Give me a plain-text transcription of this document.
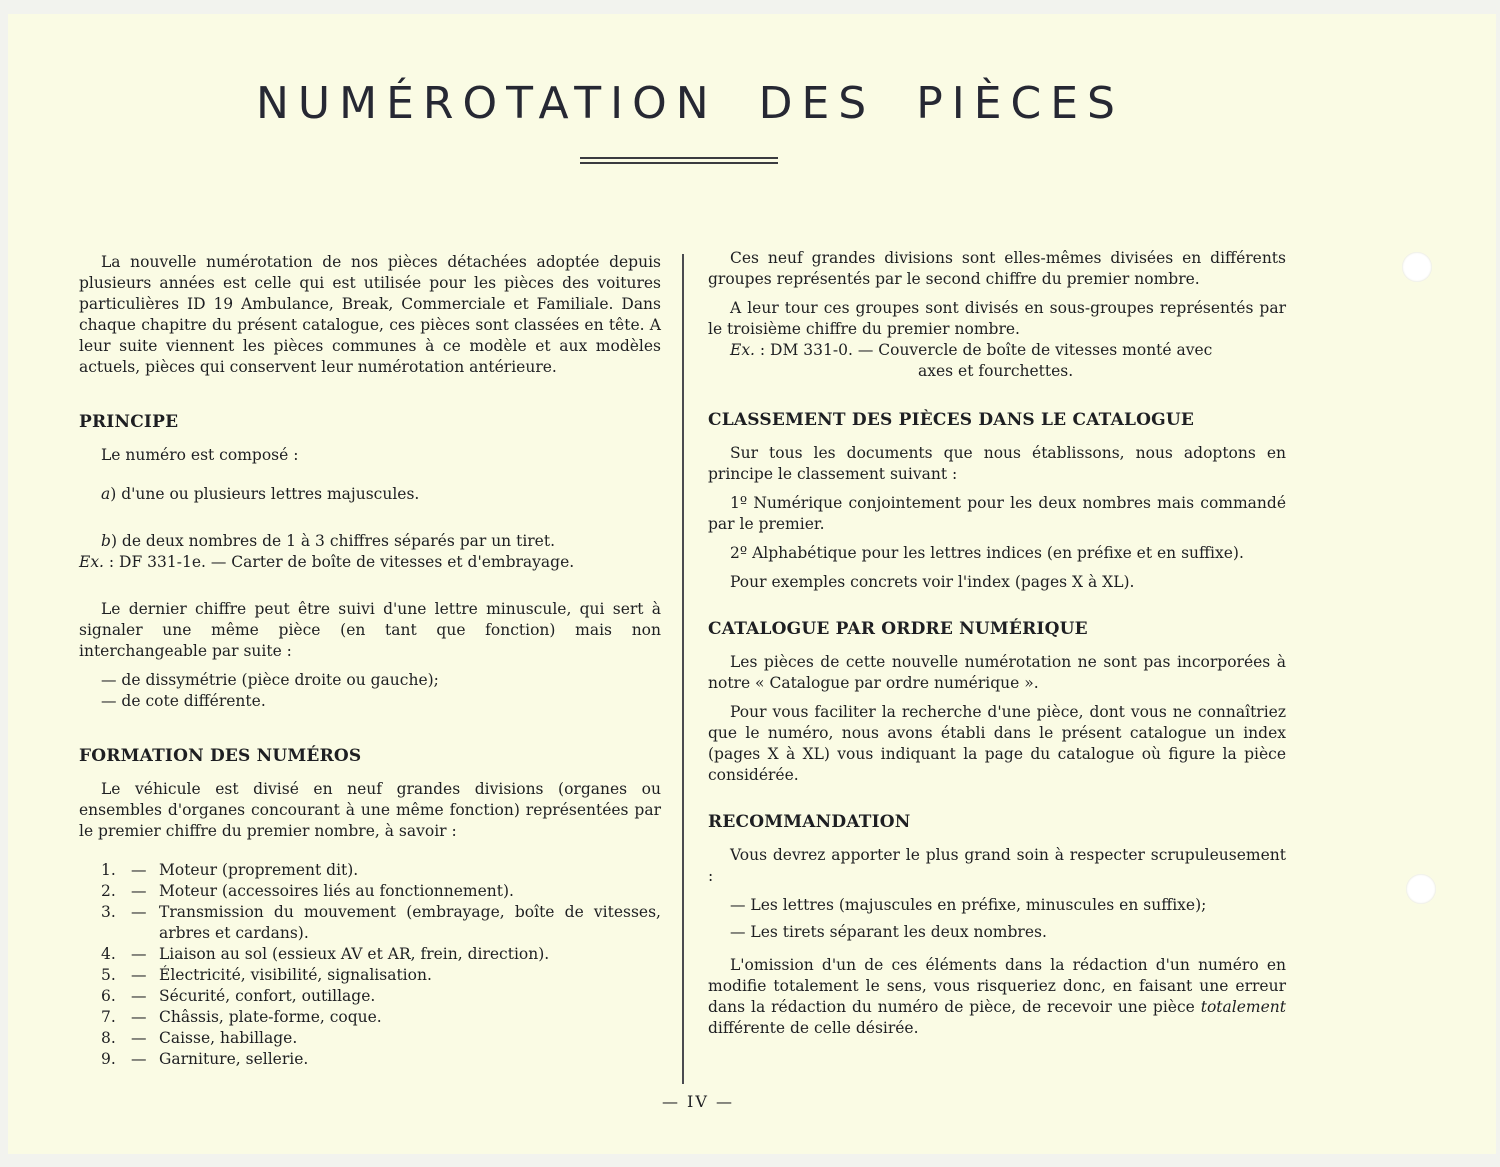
NUMÉROTATION DES PIÈCES

La nouvelle numérotation de nos pièces détachées adoptée depuis plusieurs années est celle qui est utilisée pour les pièces des voitures particulières ID 19 Ambulance, Break, Commerciale et Familiale. Dans chaque chapitre du présent catalogue, ces pièces sont classées en tête. A leur suite viennent les pièces communes à ce modèle et aux modèles actuels, pièces qui conservent leur numérotation antérieure.

PRINCIPE

Le numéro est composé :

a) d'une ou plusieurs lettres majuscules.

b) de deux nombres de 1 à 3 chiffres séparés par un tiret.

Ex. : DF 331-1e. — Carter de boîte de vitesses et d'embrayage.

Le dernier chiffre peut être suivi d'une lettre minuscule, qui sert à signaler une même pièce (en tant que fonction) mais non interchangeable par suite :

— de dissymétrie (pièce droite ou gauche);
— de cote différente.
FORMATION DES NUMÉROS

Le véhicule est divisé en neuf grandes divisions (organes ou ensembles d'organes concourant à une même fonction) représentées par le premier chiffre du premier nombre, à savoir :

1. — Moteur (proprement dit).
2. — Moteur (accessoires liés au fonctionnement).
3. — Transmission du mouvement (embrayage, boîte de vitesses, arbres et cardans).
4. — Liaison au sol (essieux AV et AR, frein, direction).
5. — Électricité, visibilité, signalisation.
6. — Sécurité, confort, outillage.
7. — Châssis, plate-forme, coque.
8. — Caisse, habillage.
9. — Garniture, sellerie.

Ces neuf grandes divisions sont elles-mêmes divisées en différents groupes représentés par le second chiffre du premier nombre.

A leur tour ces groupes sont divisés en sous-groupes représentés par le troisième chiffre du premier nombre.

Ex. : DM 331-0. — Couvercle de boîte de vitesses monté avec
axes et fourchettes.
CLASSEMENT DES PIÈCES DANS LE CATALOGUE

Sur tous les documents que nous établissons, nous adoptons en principe le classement suivant :

1º Numérique conjointement pour les deux nombres mais commandé par le premier.

2º Alphabétique pour les lettres indices (en préfixe et en suffixe).

Pour exemples concrets voir l'index (pages X à XL).

CATALOGUE PAR ORDRE NUMÉRIQUE

Les pièces de cette nouvelle numérotation ne sont pas incorporées à notre « Catalogue par ordre numérique ».

Pour vous faciliter la recherche d'une pièce, dont vous ne connaîtriez que le numéro, nous avons établi dans le présent catalogue un index (pages X à XL) vous indiquant la page du catalogue où figure la pièce considérée.

RECOMMANDATION

Vous devrez apporter le plus grand soin à respecter scrupuleusement :

— Les lettres (majuscules en préfixe, minuscules en suffixe);
— Les tirets séparant les deux nombres.

L'omission d'un de ces éléments dans la rédaction d'un numéro en modifie totalement le sens, vous risqueriez donc, en faisant une erreur dans la rédaction du numéro de pièce, de recevoir une pièce totalement différente de celle désirée.

— IV —
